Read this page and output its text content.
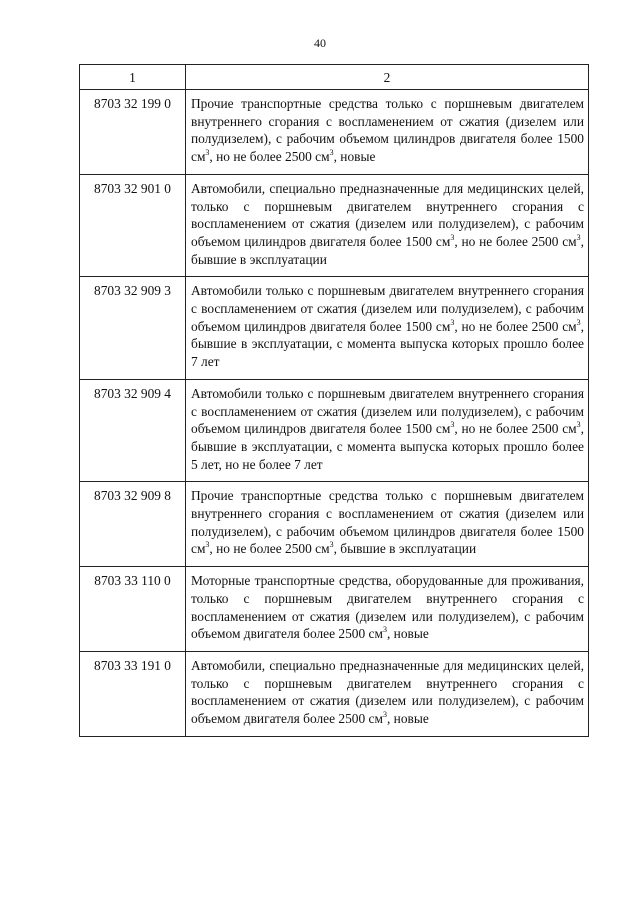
40
1	2
8703 32 199 0	Прочие транспортные средства только с поршневым двигателем внутреннего сгорания с воспламенением от сжатия (дизелем или полудизелем), с рабочим объемом цилиндров двигателя более 1500 $см^3$, но не более 2500 $см^3$, новые
8703 32 901 0	Автомобили, специально предназначенные для медицинских целей, только с поршневым двигателем внутреннего сгорания с воспламенением от сжатия (дизелем или полудизелем), с рабочим объемом цилиндров двигателя более 1500 $см^3$, но не более 2500 $см^3$, бывшие в эксплуатации
8703 32 909 3	Автомобили только с поршневым двигателем внутреннего сгорания с воспламенением от сжатия (дизелем или полудизелем), с рабочим объемом цилиндров двигателя более 1500 $см^3$, но не более 2500 $см^3$, бывшие в эксплуатации, с момента выпуска которых прошло более 7 лет
8703 32 909 4	Автомобили только с поршневым двигателем внутреннего сгорания с воспламенением от сжатия (дизелем или полудизелем), с рабочим объемом цилиндров двигателя более 1500 $см^3$, но не более 2500 $см^3$, бывшие в эксплуатации, с момента выпуска которых прошло более 5 лет, но не более 7 лет
8703 32 909 8	Прочие транспортные средства только с поршневым двигателем внутреннего сгорания с воспламенением от сжатия (дизелем или полудизелем), с рабочим объемом цилиндров двигателя более 1500 $см^3$, но не более 2500 $см^3$, бывшие в эксплуатации
8703 33 110 0	Моторные транспортные средства, оборудованные для проживания, только с поршневым двигателем внутреннего сгорания с воспламенением от сжатия (дизелем или полудизелем), с рабочим объемом двигателя более 2500 $см^3$, новые
8703 33 191 0	Автомобили, специально предназначенные для медицинских целей, только с поршневым двигателем внутреннего сгорания с воспламенением от сжатия (дизелем или полудизелем), с рабочим объемом двигателя более 2500 $см^3$, новые
